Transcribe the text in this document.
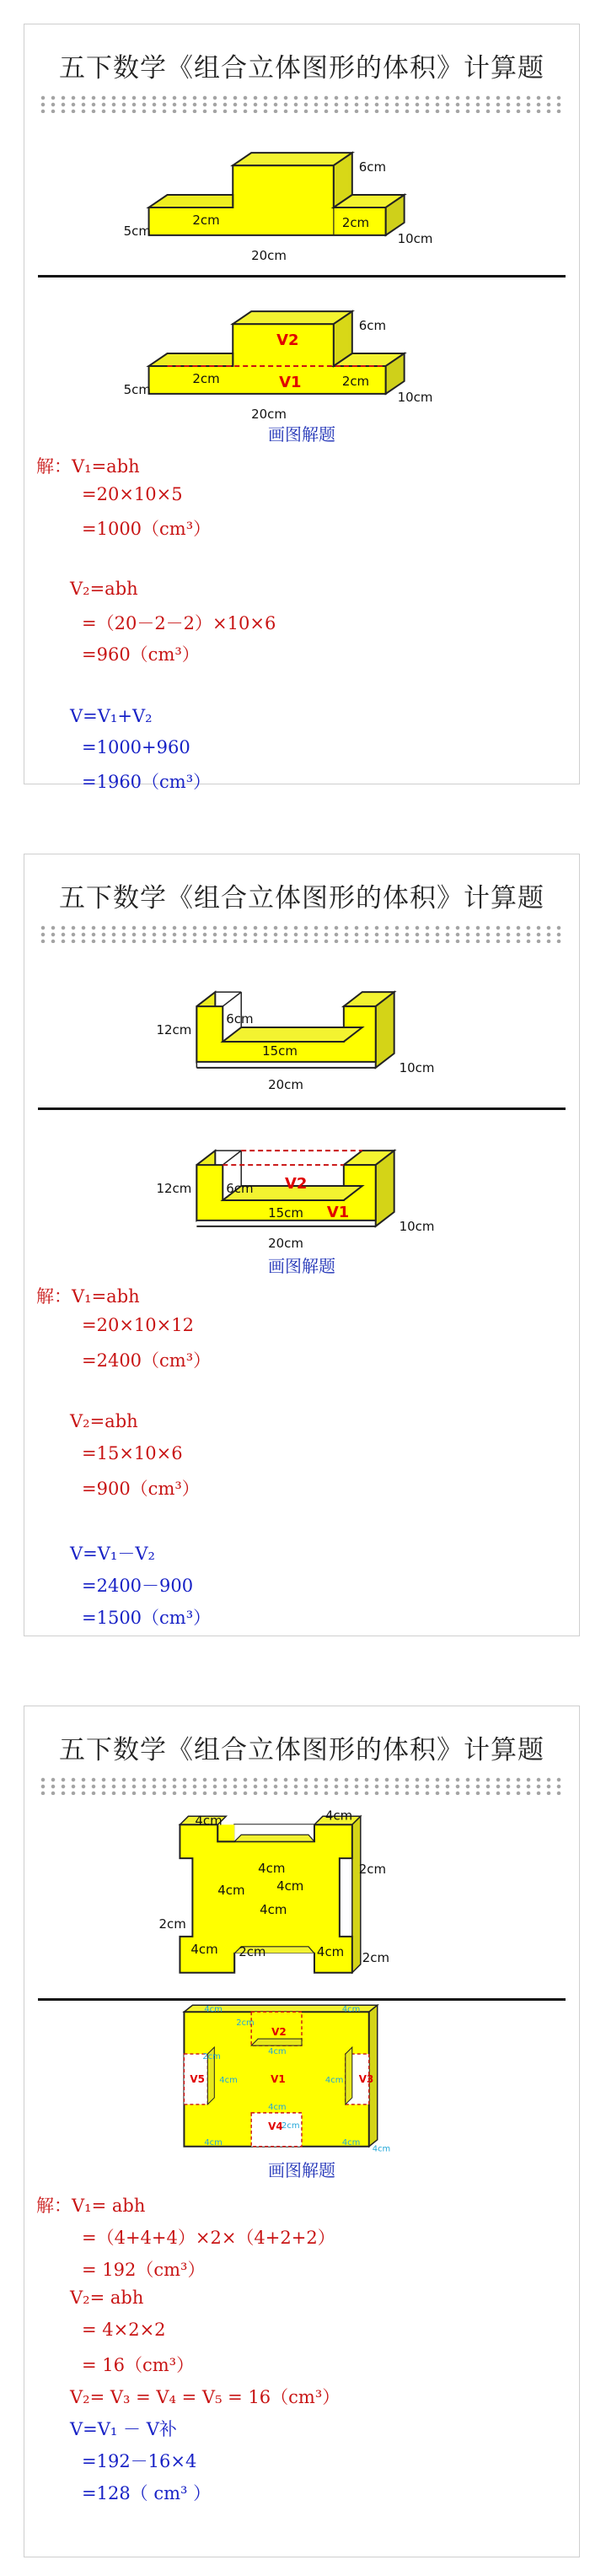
五下数学《组合立体图形的体积》计算题
6cm
2cm	2cm
5cm	10cm
20cm
V2
V1
6cm
2cm	2cm
5cm	10cm
20cm
画图解题
解：V₁=abh
=20×10×5
=1000（cm³）
V₂=abh
=（20－2－2）×10×6
=960（cm³）
V=V₁+V₂
=1000+960
=1960（cm³）
五下数学《组合立体图形的体积》计算题
12cm
6cm
15cm
10cm
20cm
V2
V1
12cm	6cm
15cm
10cm
20cm
画图解题
解：V₁=abh
=20×10×12
=2400（cm³）
V₂=abh
=15×10×6
=900（cm³）
V=V₁－V₂
=2400－900
=1500（cm³）
五下数学《组合立体图形的体积》计算题
4cm	4cm
4cm	2cm
4cm
2cm
4cm
4cm 2cm	4cm 2cm
4cm
V2
V1	V3
V4
V5
4cm
2cm
4cm
4cm
4cm
2cm
4cm
4cm
2cm
4cm	4cm
4cm
画图解题
解：V₁= abh
=（4+4+4）×2×（4+2+2）
= 192（cm³）
V₂= abh
= 4×2×2
= 16（cm³）
V₂= V₃ = V₄ = V₅ = 16（cm³）
V=V₁ － V补
=192－16×4
=128（ cm³ ）
